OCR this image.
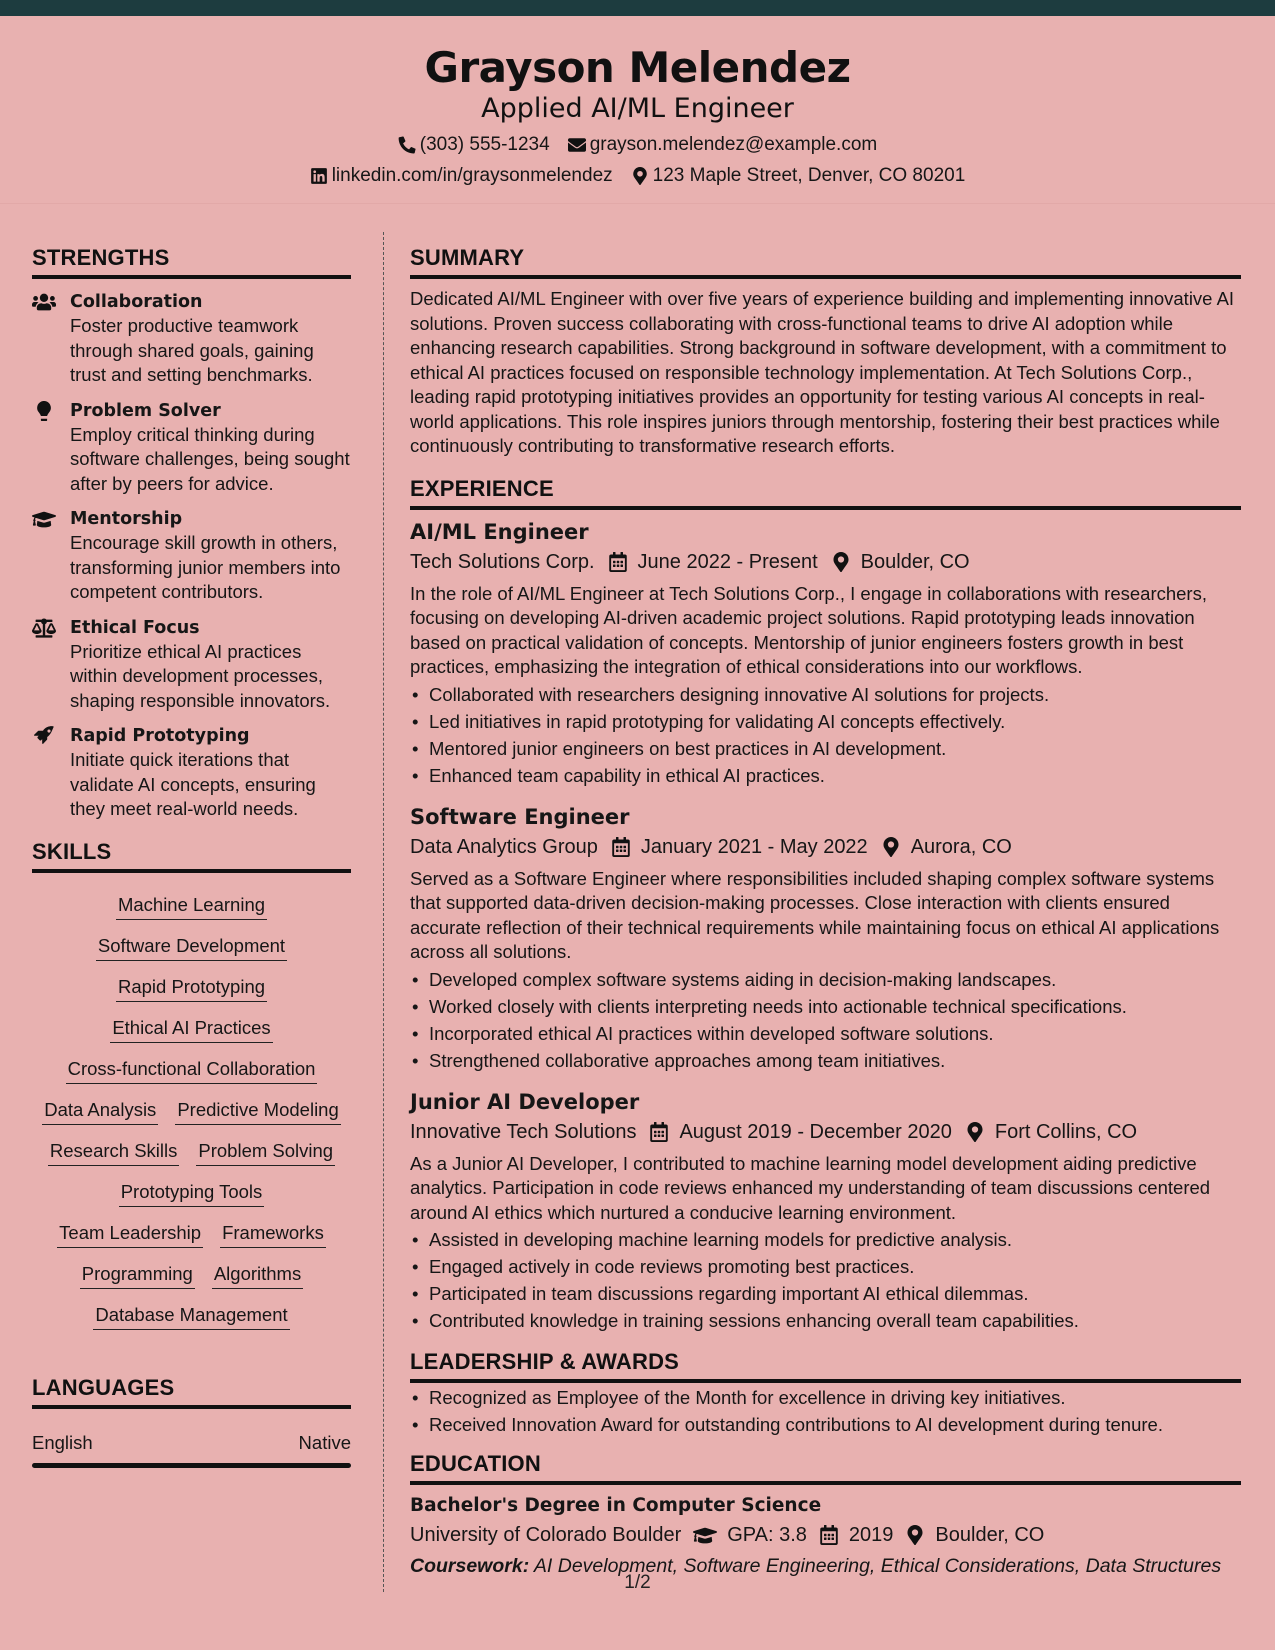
Grayson Melendez
Applied AI/ML Engineer
(303) 555-1234 grayson.melendez@example.com
linkedin.com/in/graysonmelendez 123 Maple Street, Denver, CO 80201
STRENGTHS
Collaboration
Foster productive teamwork through shared goals, gaining trust and setting benchmarks.
Problem Solver
Employ critical thinking during software challenges, being sought after by peers for advice.
Mentorship
Encourage skill growth in others, transforming junior members into competent contributors.
Ethical Focus
Prioritize ethical AI practices within development processes, shaping responsible innovators.
Rapid Prototyping
Initiate quick iterations that validate AI concepts, ensuring they meet real-world needs.
SKILLS
Machine Learning
Software Development
Rapid Prototyping
Ethical AI Practices
Cross-functional Collaboration
Data Analysis Predictive Modeling
Research Skills Problem Solving
Prototyping Tools
Team Leadership Frameworks
Programming Algorithms
Database Management
LANGUAGES
English	Native
SUMMARY
Dedicated AI/ML Engineer with over five years of experience building and implementing innovative AI solutions. Proven success collaborating with cross-functional teams to drive AI adoption while enhancing research capabilities. Strong background in software development, with a commitment to ethical AI practices focused on responsible technology implementation. At Tech Solutions Corp., leading rapid prototyping initiatives provides an opportunity for testing various AI concepts in real-world applications. This role inspires juniors through mentorship, fostering their best practices while continuously contributing to transformative research efforts.
EXPERIENCE
AI/ML Engineer
Tech Solutions Corp. June 2022 - Present Boulder, CO
In the role of AI/ML Engineer at Tech Solutions Corp., I engage in collaborations with researchers, focusing on developing AI-driven academic project solutions. Rapid prototyping leads innovation based on practical validation of concepts. Mentorship of junior engineers fosters growth in best practices, emphasizing the integration of ethical considerations into our workflows.
• Collaborated with researchers designing innovative AI solutions for projects.
• Led initiatives in rapid prototyping for validating AI concepts effectively.
• Mentored junior engineers on best practices in AI development.
• Enhanced team capability in ethical AI practices.
Software Engineer
Data Analytics Group January 2021 - May 2022 Aurora, CO
Served as a Software Engineer where responsibilities included shaping complex software systems that supported data-driven decision-making processes. Close interaction with clients ensured accurate reflection of their technical requirements while maintaining focus on ethical AI applications across all solutions.
• Developed complex software systems aiding in decision-making landscapes.
• Worked closely with clients interpreting needs into actionable technical specifications.
• Incorporated ethical AI practices within developed software solutions.
• Strengthened collaborative approaches among team initiatives.
Junior AI Developer
Innovative Tech Solutions August 2019 - December 2020 Fort Collins, CO
As a Junior AI Developer, I contributed to machine learning model development aiding predictive analytics. Participation in code reviews enhanced my understanding of team discussions centered around AI ethics which nurtured a conducive learning environment.
• Assisted in developing machine learning models for predictive analysis.
• Engaged actively in code reviews promoting best practices.
• Participated in team discussions regarding important AI ethical dilemmas.
• Contributed knowledge in training sessions enhancing overall team capabilities.
LEADERSHIP & AWARDS
• Recognized as Employee of the Month for excellence in driving key initiatives.
• Received Innovation Award for outstanding contributions to AI development during tenure.
EDUCATION
Bachelor's Degree in Computer Science
University of Colorado Boulder GPA: 3.8 2019 Boulder, CO
Coursework: AI Development, Software Engineering, Ethical Considerations, Data Structures
1/2
